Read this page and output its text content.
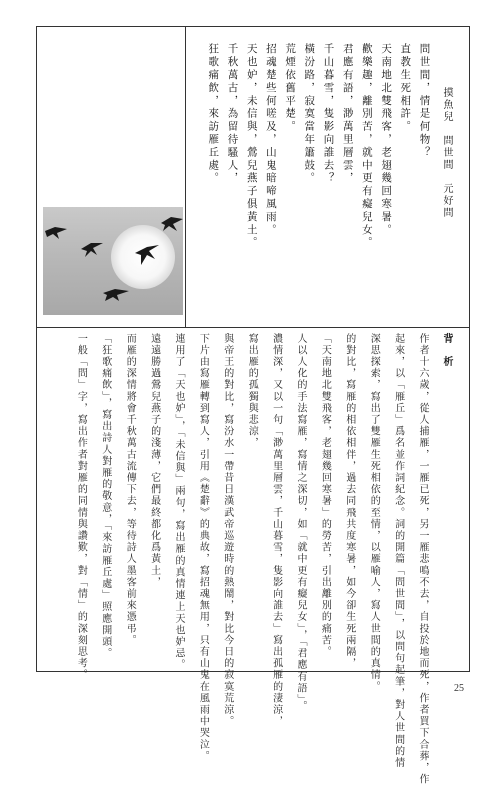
摸魚兒　問世間　元好問
問世間，情是何物？
直教生死相許。
天南地北雙飛客，老翅幾回寒暑。
歡樂趣，離別苦，就中更有癡兒女。
君應有語，渺萬里層雲，
千山暮雪，隻影向誰去？
橫汾路，寂寞當年簫鼓。
荒煙依舊平楚。
招魂楚些何嗟及，山鬼暗啼風雨。
天也妒，未信與，鶯兒燕子俱黃土。
千秋萬古，為留待騷人，
狂歌痛飲，來訪雁丘處。
背　析
作者十六歲，從人捕雁，一雁已死，另一雁悲鳴不去，自投於地而死，作者買下合葬，作
起來，以「雁丘」爲名並作詞紀念。詞的開篇「問世間」，以問句起筆，對人世間的情
深思探索，寫出了雙雁生死相依的至情，以雁喻人，寫人世間的真情。
的對比，寫雁的相依相伴，過去同飛共度寒暑，如今卻生死兩隔，
「天南地北雙飛客，老翅幾回寒暑」的勞苦，引出離別的痛苦。
人以人化的手法寫雁，寫情之深切，如「就中更有癡兒女」，「君應有語」。
濃情深，又以一句「渺萬里層雲，千山暮雪，隻影向誰去」寫出孤雁的淒涼，
寫出雁的孤獨與悲涼，
與帝王的對比，寫汾水一帶昔日漢武帝巡遊時的熱鬧，對比今日的寂寞荒涼。
下片由寫雁轉到寫人，引用《楚辭》的典故，寫招魂無用，只有山鬼在風雨中哭泣。
連用了「天也妒」，「未信與」兩句，寫出雁的真情連上天也妒忌。
遠遠勝過鶯兒燕子的淺薄，它們最終都化爲黃土，
而雁的深情將會千秋萬古流傳下去，等待詩人墨客前來憑弔。
「狂歌痛飲」，寫出詩人對雁的敬意，「來訪雁丘處」照應開頭。
一般「問」字，寫出作者對雁的同情與讚歎，對「情」的深刻思考。
25
